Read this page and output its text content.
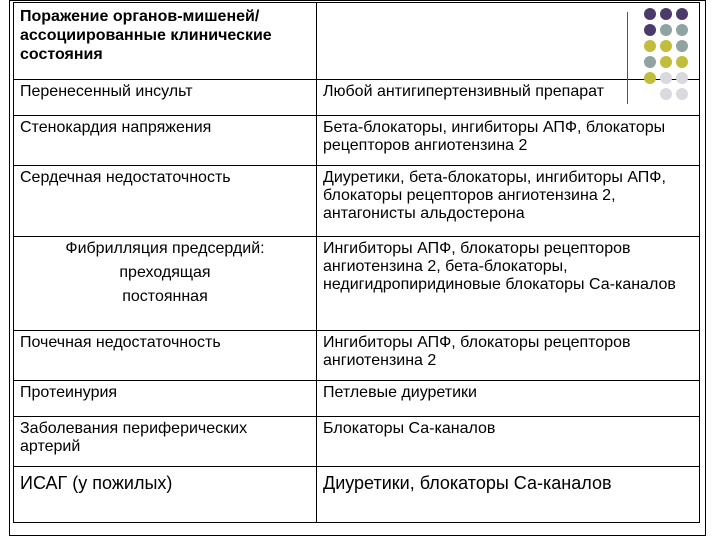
Поражение органов-мишеней/ассоциированные клинические состояния	
Перенесенный инсульт	Любой антигипертензивный препарат
Стенокардия напряжения	Бета-блокаторы, ингибиторы АПФ, блокаторы рецепторов ангиотензина 2
Сердечная недостаточность	Диуретики, бета-блокаторы, ингибиторы АПФ, блокаторы рецепторов ангиотензина 2, антагонисты альдостерона

Фибрилляция предсердий:
преходящая
постоянная	Ингибиторы АПФ, блокаторы рецепторов ангиотензина 2, бета-блокаторы, недигидропиридиновые блокаторы Са-каналов
Почечная недостаточность	Ингибиторы АПФ, блокаторы рецепторов ангиотензина 2
Протеинурия	Петлевые диуретики
Заболевания периферических артерий	Блокаторы Са-каналов
ИСАГ (у пожилых)	Диуретики, блокаторы Са-каналов
